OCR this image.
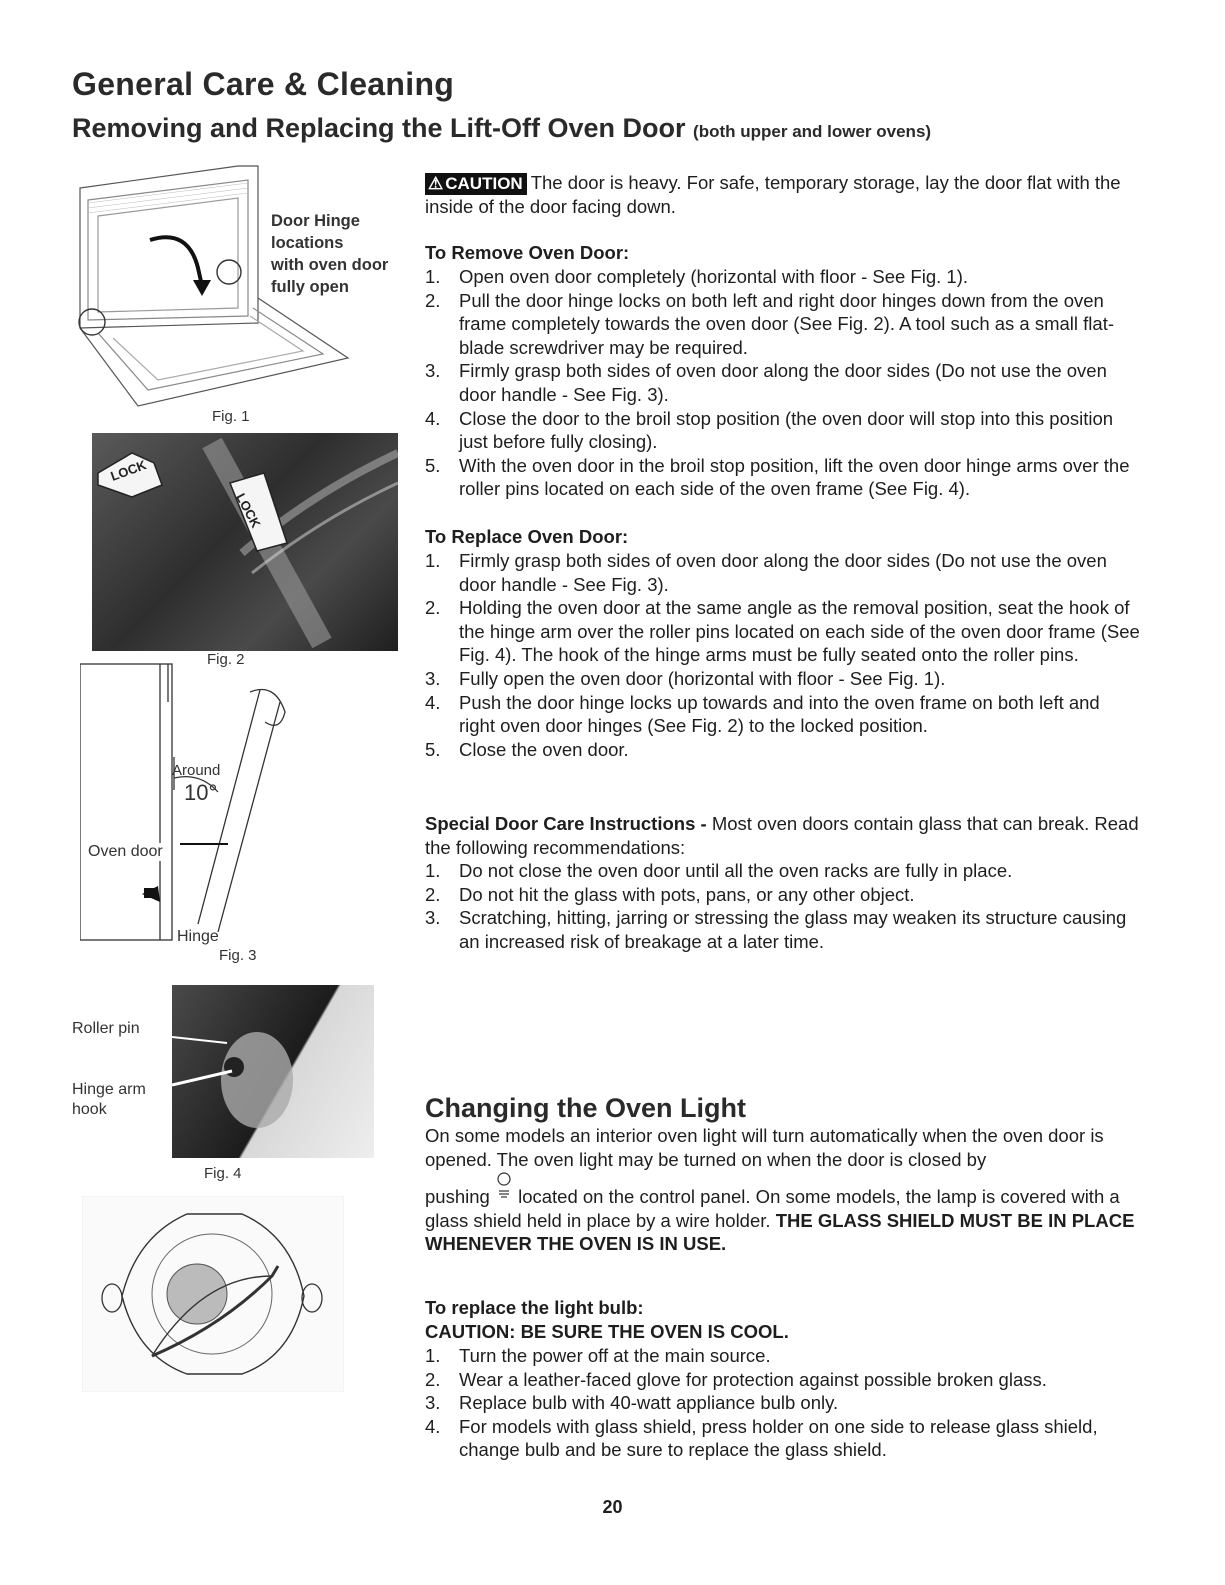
General Care & Cleaning
Removing and Replacing the Lift-Off Oven Door (both upper and lower ovens)
Door Hinge
locations
with oven door
fully open
Fig. 1
LOCK
LOCK
Fig. 2
Around
10°
Oven door
Hinge
Fig. 3
Roller pin
Hinge arm
hook
Fig. 4
⚠ CAUTION The door is heavy. For safe, temporary storage, lay the door flat with the inside of the door facing down.

To Remove Oven Door:

1. Open oven door completely (horizontal with floor - See Fig. 1).
2. Pull the door hinge locks on both left and right door hinges down from the oven frame completely towards the oven door (See Fig. 2). A tool such as a small flat-blade screwdriver may be required.
3. Firmly grasp both sides of oven door along the door sides (Do not use the oven door handle - See Fig. 3).
4. Close the door to the broil stop position (the oven door will stop into this position just before fully closing).
5. With the oven door in the broil stop position, lift the oven door hinge arms over the roller pins located on each side of the oven frame (See Fig. 4).

To Replace Oven Door:

1. Firmly grasp both sides of oven door along the door sides (Do not use the oven door handle - See Fig. 3).
2. Holding the oven door at the same angle as the removal position, seat the hook of the hinge arm over the roller pins located on each side of the oven door frame (See Fig. 4). The hook of the hinge arms must be fully seated onto the roller pins.
3. Fully open the oven door (horizontal with floor - See Fig. 1).
4. Push the door hinge locks up towards and into the oven frame on both left and right oven door hinges (See Fig. 2) to the locked position.
5. Close the oven door.
Special Door Care Instructions - Most oven doors contain glass that can break. Read the following recommendations:
1. Do not close the oven door until all the oven racks are fully in place.
2. Do not hit the glass with pots, pans, or any other object.
3. Scratching, hitting, jarring or stressing the glass may weaken its structure causing an increased risk of breakage at a later time.
Changing the Oven Light
On some models an interior oven light will turn automatically when the oven door is opened. The oven light may be turned on when the door is closed by
pushing located on the control panel. On some models, the lamp is covered with a glass shield held in place by a wire holder. THE GLASS SHIELD MUST BE IN PLACE WHENEVER THE OVEN IS IN USE.

To replace the light bulb:

CAUTION: BE SURE THE OVEN IS COOL.

1. Turn the power off at the main source.
2. Wear a leather-faced glove for protection against possible broken glass.
3. Replace bulb with 40-watt appliance bulb only.
4. For models with glass shield, press holder on one side to release glass shield, change bulb and be sure to replace the glass shield.
20
